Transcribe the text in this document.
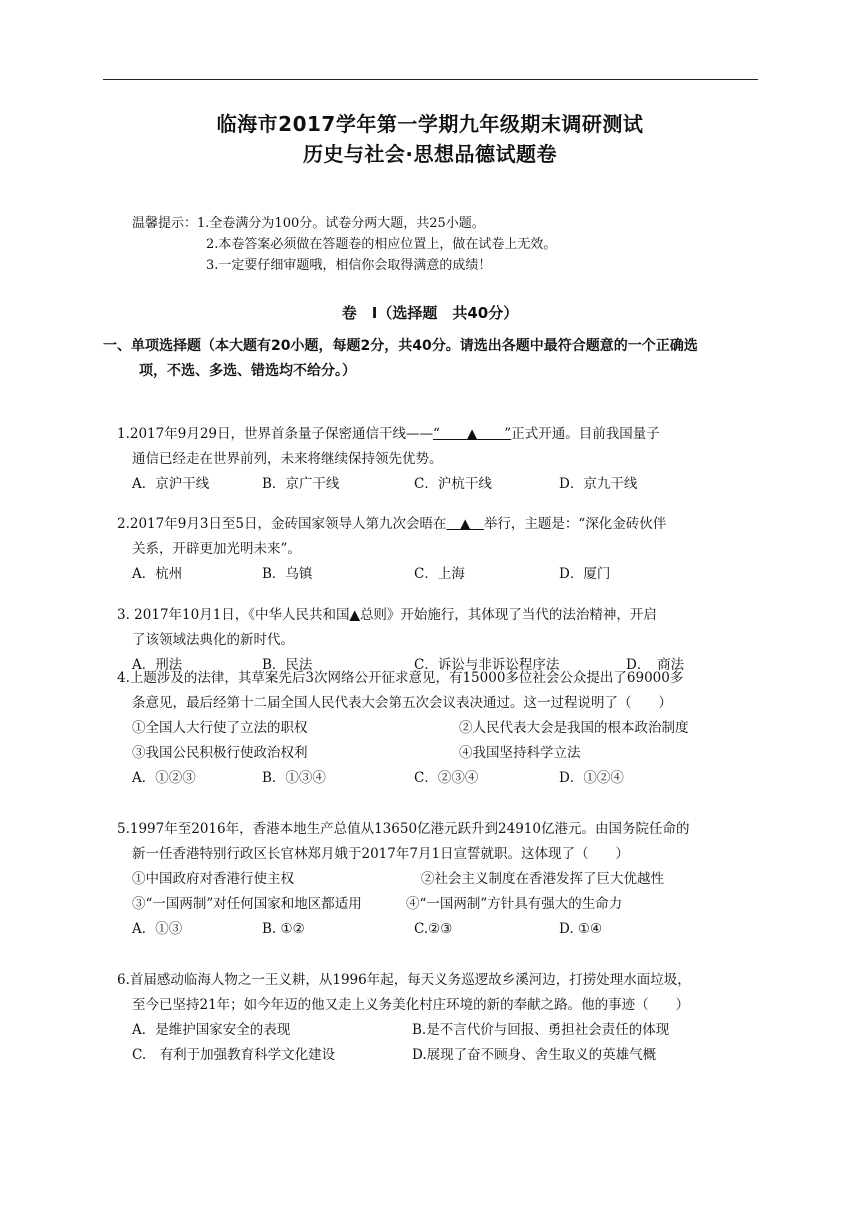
临海市2017学年第一学期九年级期末调研测试
历史与社会·思想品德试题卷
温馨提示：1.全卷满分为100分。试卷分两大题，共25小题。
2.本卷答案必须做在答题卷的相应位置上，做在试卷上无效。
3.一定要仔细审题哦，相信你会取得满意的成绩！
卷　Ⅰ（选择题　共40分）
一、单项选择题（本大题有20小题，每题2分，共40分。请选出各题中最符合题意的一个正确选
项，不选、多选、错选均不给分。）
1.2017年9月29日，世界首条量子保密通信干线——“　　▲　　”正式开通。目前我国量子
通信已经走在世界前列，未来将继续保持领先优势。
A．京沪干线	B．京广干线	C．沪杭干线	D．京九干线
2.2017年9月3日至5日，金砖国家领导人第九次会晤在　▲　举行，主题是：“深化金砖伙伴
关系，开辟更加光明未来”。
A．杭州	B．乌镇	C．上海	D．厦门
3. 2017年10月1日，《中华人民共和国▲总则》开始施行，其体现了当代的法治精神，开启
了该领域法典化的新时代。
A．刑法	B．民法	C．诉讼与非诉讼程序法	D．　商法
4.上题涉及的法律，其草案先后3次网络公开征求意见，有15000多位社会公众提出了69000多
条意见，最后经第十二届全国人民代表大会第五次会议表决通过。这一过程说明了（　　）
①全国人大行使了立法的职权	②人民代表大会是我国的根本政治制度
③我国公民积极行使政治权利	④我国坚持科学立法
A．①②③	B．①③④	C．②③④	D．①②④
5.1997年至2016年，香港本地生产总值从13650亿港元跃升到24910亿港元。由国务院任命的
新一任香港特别行政区长官林郑月娥于2017年7月1日宣誓就职。这体现了（　　）
①中国政府对香港行使主权	②社会主义制度在香港发挥了巨大优越性
③“一国两制”对任何国家和地区都适用	④“一国两制”方针具有强大的生命力
A．①③	B. ①②	C.②③	D. ①④
6.首届感动临海人物之一王义耕，从1996年起，每天义务巡逻故乡溪河边，打捞处理水面垃圾，
至今已坚持21年；如今年迈的他又走上义务美化村庄环境的新的奉献之路。他的事迹（　　）
A．是维护国家安全的表现	B.是不言代价与回报、勇担社会责任的体现
C.　有利于加强教育科学文化建设	D.展现了奋不顾身、舍生取义的英雄气概
